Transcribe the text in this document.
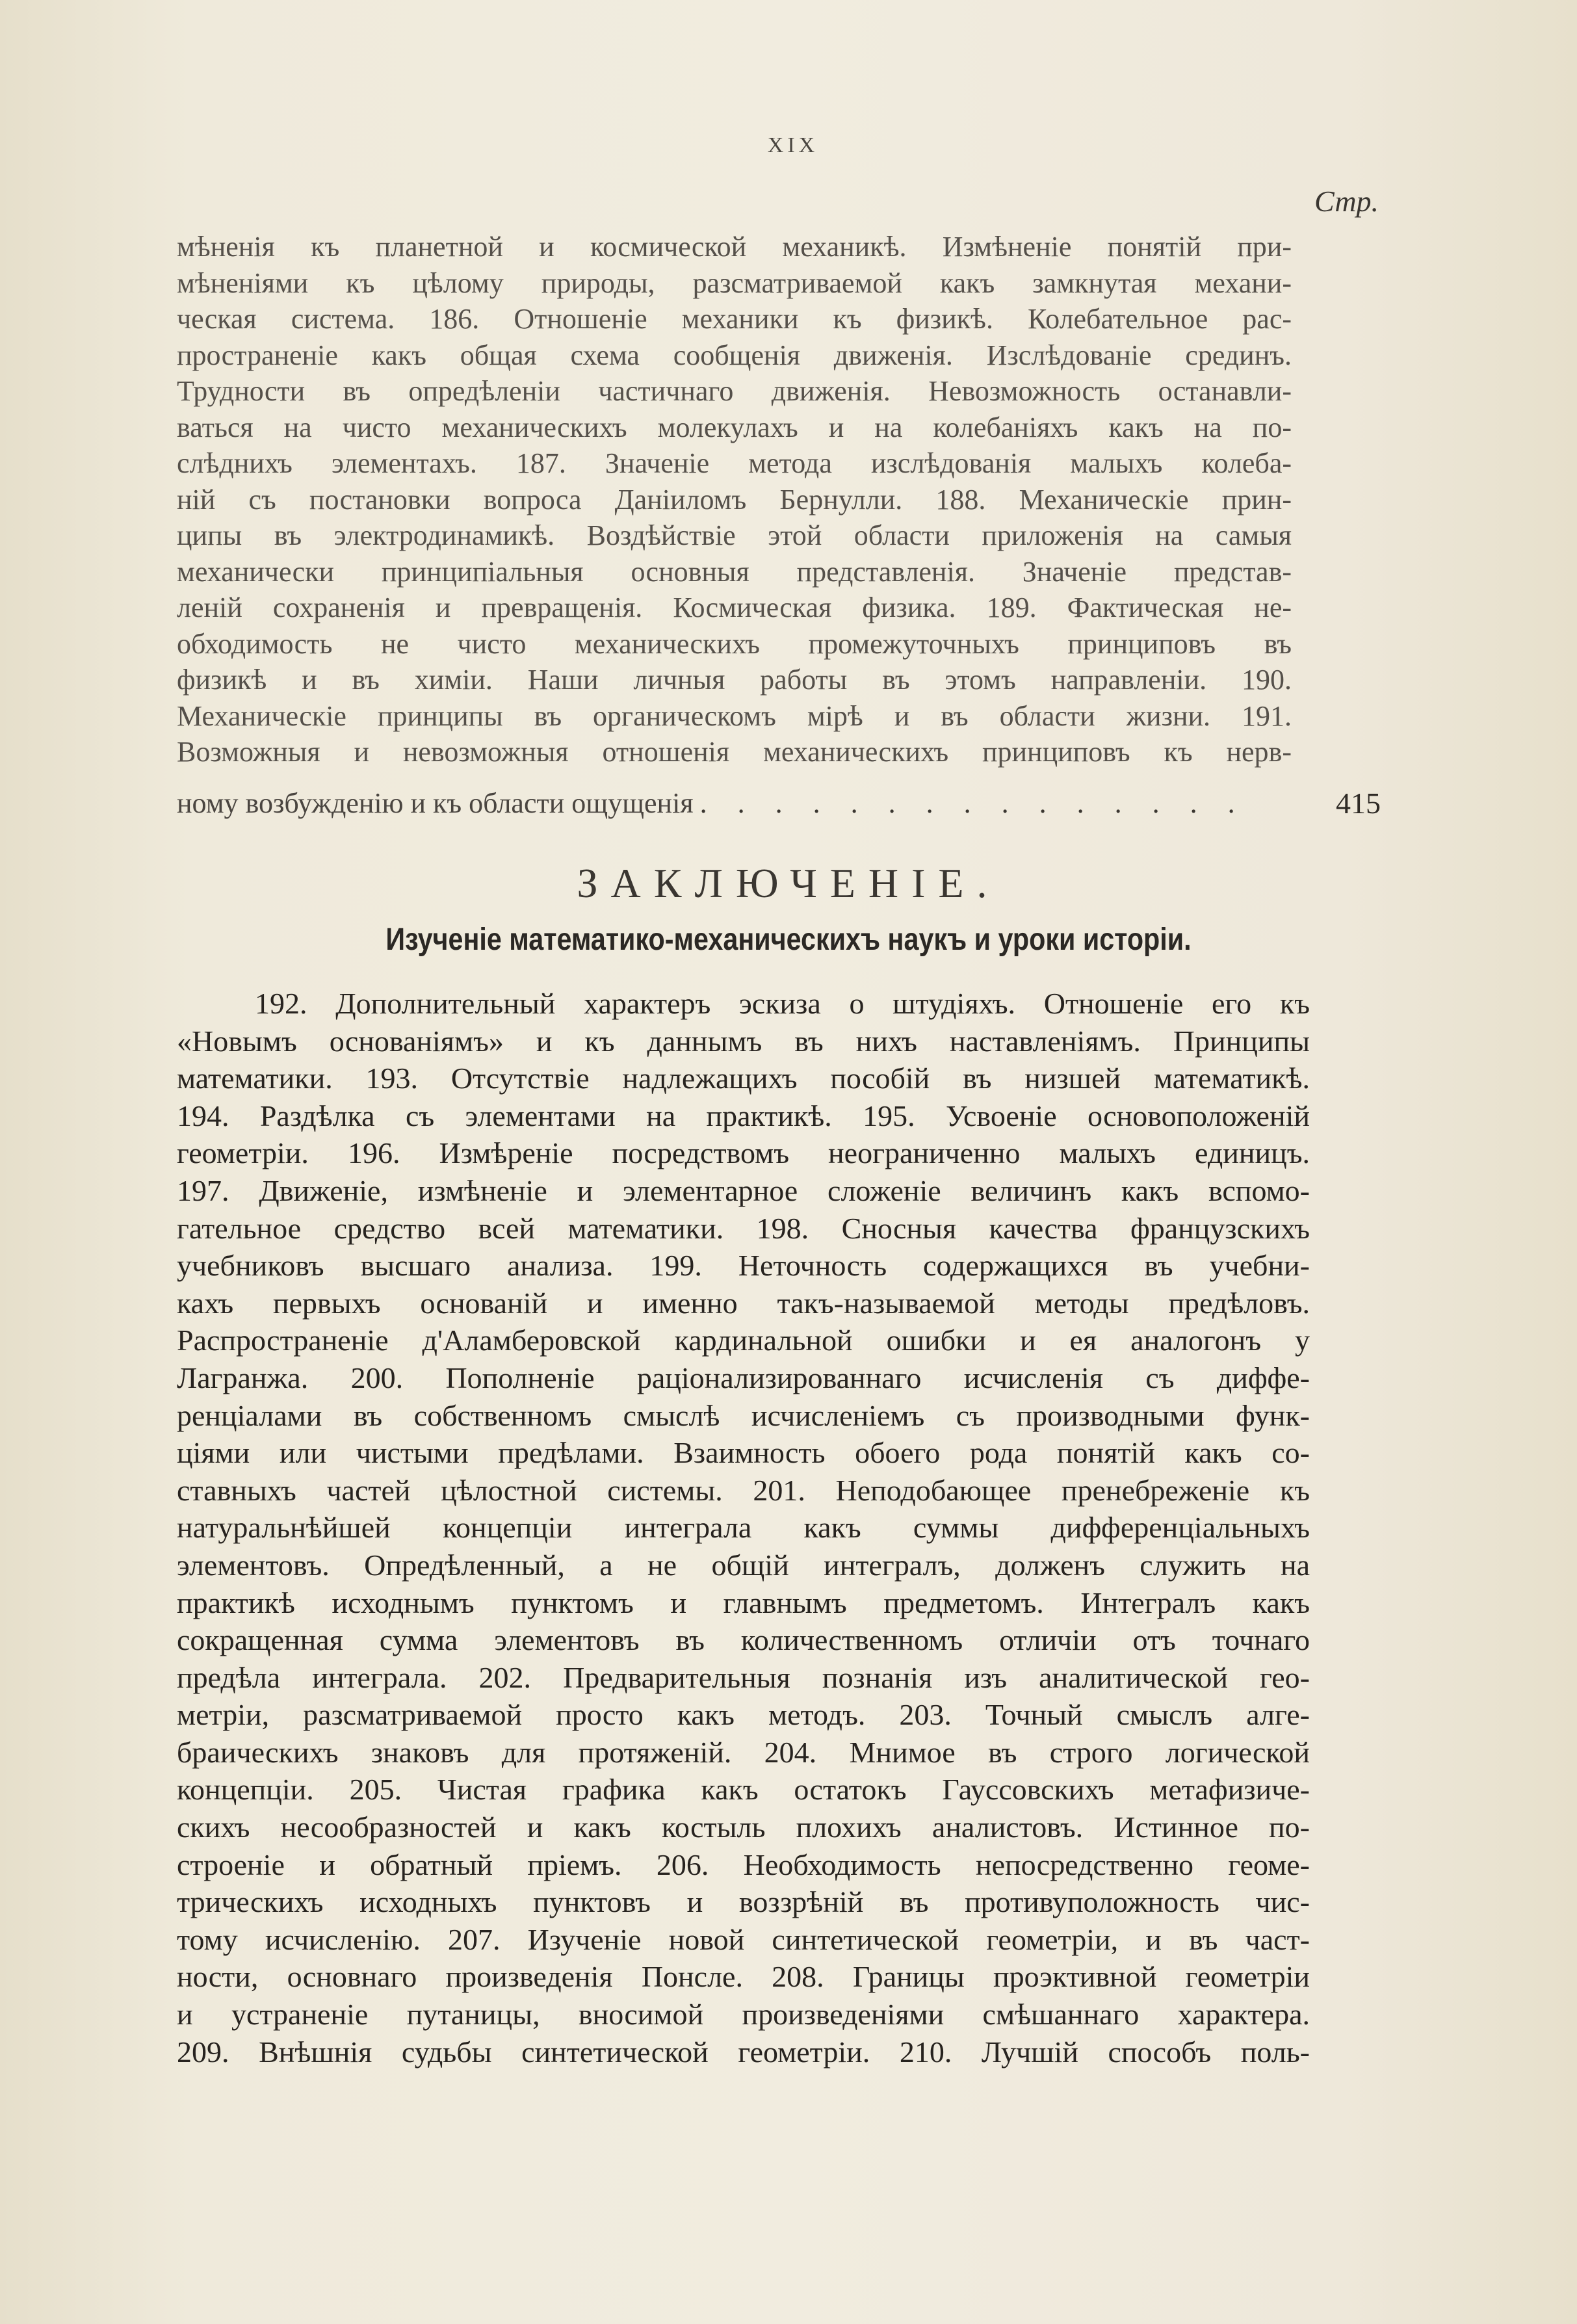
XIX
Стр.
мѣненія къ планетной и космической механикѣ. Измѣненіе понятій при-
мѣненіями къ цѣлому природы, разсматриваемой какъ замкнутая механи-
ческая система. 186. Отношеніе механики къ физикѣ. Колебательное рас-
пространеніе какъ общая схема сообщенія движенія. Изслѣдованіе срединъ.
Трудности въ опредѣленіи частичнаго движенія. Невозможность останавли-
ваться на чисто механическихъ молекулахъ и на колебаніяхъ какъ на по-
слѣднихъ элементахъ. 187. Значеніе метода изслѣдованія малыхъ колеба-
ній съ постановки вопроса Даніиломъ Бернулли. 188. Механическіе прин-
ципы въ электродинамикѣ. Воздѣйствіе этой области приложенія на самыя
механически принципіальныя основныя представленія. Значеніе представ-
леній сохраненія и превращенія. Космическая физика. 189. Фактическая не-
обходимость не чисто механическихъ промежуточныхъ принциповъ въ
физикѣ и въ химіи. Наши личныя работы въ этомъ направленіи. 190.
Механическіе принципы въ органическомъ мірѣ и въ области жизни. 191.
Возможныя и невозможныя отношенія механическихъ принциповъ къ нерв-
ному возбужденію и къ области ощущенія . . . . . . . . . . . . . . .	415
ЗАКЛЮЧЕНІЕ.
Изученіе математико-механическихъ наукъ и уроки исторіи.
192. Дополнительный характеръ эскиза о штудіяхъ. Отношеніе его къ
«Новымъ основаніямъ» и къ даннымъ въ нихъ наставленіямъ. Принципы
математики. 193. Отсутствіе надлежащихъ пособій въ низшей математикѣ.
194. Раздѣлка съ элементами на практикѣ. 195. Усвоеніе основоположеній
геометріи. 196. Измѣреніе посредствомъ неограниченно малыхъ единицъ.
197. Движеніе, измѣненіе и элементарное сложеніе величинъ какъ вспомо-
гательное средство всей математики. 198. Сносныя качества французскихъ
учебниковъ высшаго анализа. 199. Неточность содержащихся въ учебни-
кахъ первыхъ основаній и именно такъ-называемой методы предѣловъ.
Распространеніе д'Аламберовской кардинальной ошибки и ея аналогонъ у
Лагранжа. 200. Пополненіе раціонализированнаго исчисленія съ диффе-
ренціалами въ собственномъ смыслѣ исчисленіемъ съ производными функ-
ціями или чистыми предѣлами. Взаимность обоего рода понятій какъ со-
ставныхъ частей цѣлостной системы. 201. Неподобающее пренебреженіе къ
натуральнѣйшей концепціи интеграла какъ суммы дифференціальныхъ
элементовъ. Опредѣленный, а не общій интегралъ, долженъ служить на
практикѣ исходнымъ пунктомъ и главнымъ предметомъ. Интегралъ какъ
сокращенная сумма элементовъ въ количественномъ отличіи отъ точнаго
предѣла интеграла. 202. Предварительныя познанія изъ аналитической гео-
метріи, разсматриваемой просто какъ методъ. 203. Точный смыслъ алге-
браическихъ знаковъ для протяженій. 204. Мнимое въ строго логической
концепціи. 205. Чистая графика какъ остатокъ Гауссовскихъ метафизиче-
скихъ несообразностей и какъ костыль плохихъ аналистовъ. Истинное по-
строеніе и обратный пріемъ. 206. Необходимость непосредственно геоме-
трическихъ исходныхъ пунктовъ и воззрѣній въ противуположность чис-
тому исчисленію. 207. Изученіе новой синтетической геометріи, и въ част-
ности, основнаго произведенія Понсле. 208. Границы проэктивной геометріи
и устраненіе путаницы, вносимой произведеніями смѣшаннаго характера.
209. Внѣшнія судьбы синтетической геометріи. 210. Лучшій способъ поль-
